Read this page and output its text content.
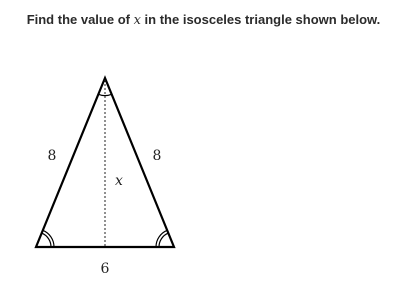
Find the value of x in the isosceles triangle shown below.
8	8
x
6
